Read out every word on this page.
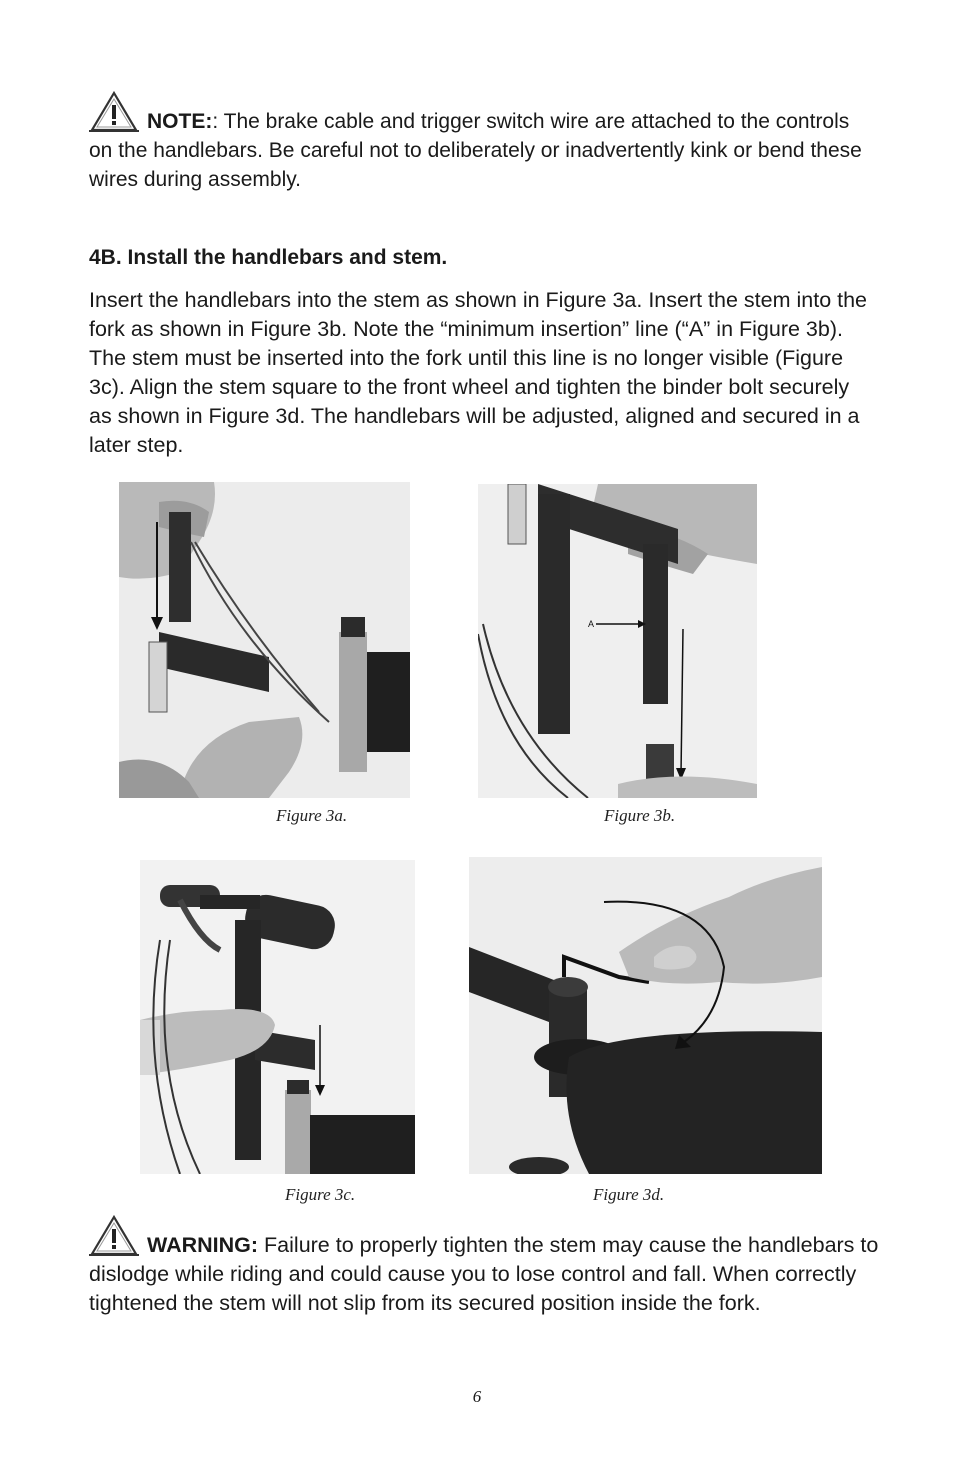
NOTE:: The brake cable and trigger switch wire are attached to the controls on the handlebars. Be careful not to deliberately or inadvertently kink or bend these wires during assembly.
4B. Install the handlebars and stem.
Insert the handlebars into the stem as shown in Figure 3a. Insert the stem into the fork as shown in Figure 3b. Note the “minimum insertion” line (“A” in Figure 3b). The stem must be inserted into the fork until this line is no longer visible (Figure 3c). Align the stem square to the front wheel and tighten the binder bolt securely as shown in Figure 3d. The handlebars will be adjusted, aligned and secured in a later step.
Figure 3a.
A
Figure 3b.
Figure 3c.	Figure 3d.
WARNING: Failure to properly tighten the stem may cause the handlebars to dislodge while riding and could cause you to lose control and fall. When correctly tightened the stem will not slip from its secured position inside the fork.
6
